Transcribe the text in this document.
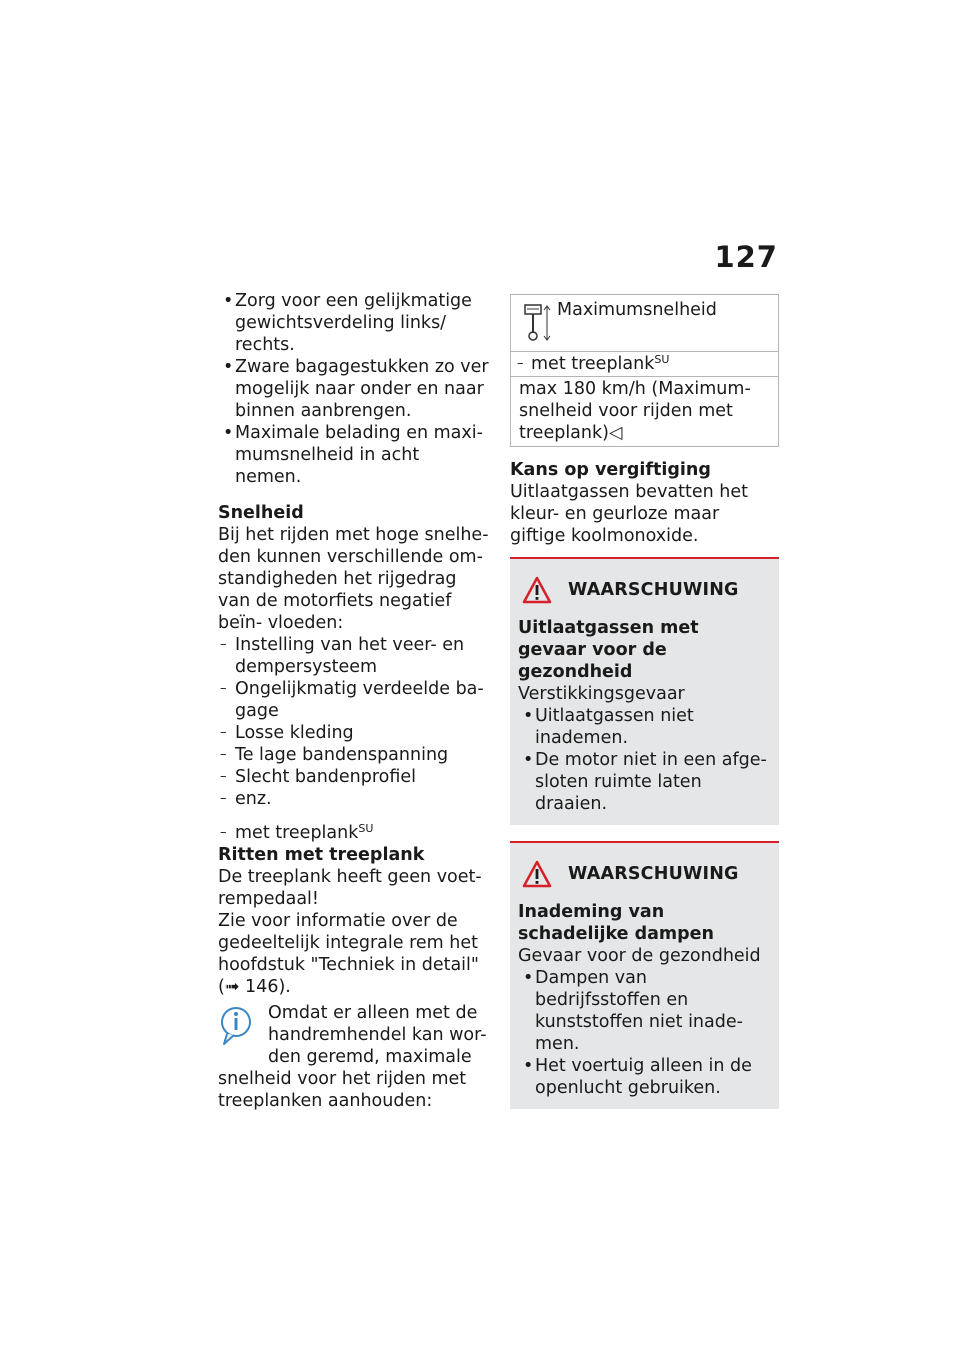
127
• Zorg voor een gelijkmatige gewichtsverdeling links/ rechts.
• Zware bagagestukken zo ver mogelijk naar onder en naar binnen aanbrengen.
• Maximale belading en maxi- mumsnelheid in acht nemen.
Snelheid

Bij het rijden met hoge snelhe- den kunnen verschillende om- standigheden het rijgedrag van de motorfiets negatief beïn- vloeden:

– Instelling van het veer- en dempersysteem
– Ongelijkmatig verdeelde ba- gage
– Losse kleding
– Te lage bandenspanning
– Slecht bandenprofiel
– enz.
– met treeplank$^{SU}$
Ritten met treeplank

De treeplank heeft geen voet- rempedaal!

Zie voor informatie over de gedeeltelijk integrale rem het hoofdstuk "Techniek in detail" (➟ 146).

Omdat er alleen met de handremhendel kan wor- den geremd, maximale snelheid voor het rijden met treeplanken aanhouden:
Maximumsnelheid
– met treeplank$^{SU}$
max 180 km/h (Maximum- snelheid voor rijden met treeplank)◁
Kans op vergiftiging

Uitlaatgassen bevatten het kleur- en geurloze maar giftige koolmonoxide.

WAARSCHUWING
Uitlaatgassen met gevaar voor de gezondheid
Verstikkingsgevaar
• Uitlaatgassen niet inademen.
• De motor niet in een afge- sloten ruimte laten draaien.
WAARSCHUWING
Inademing van schadelijke dampen
Gevaar voor de gezondheid
• Dampen van bedrijfsstoffen en kunststoffen niet inade- men.
• Het voertuig alleen in de openlucht gebruiken.
